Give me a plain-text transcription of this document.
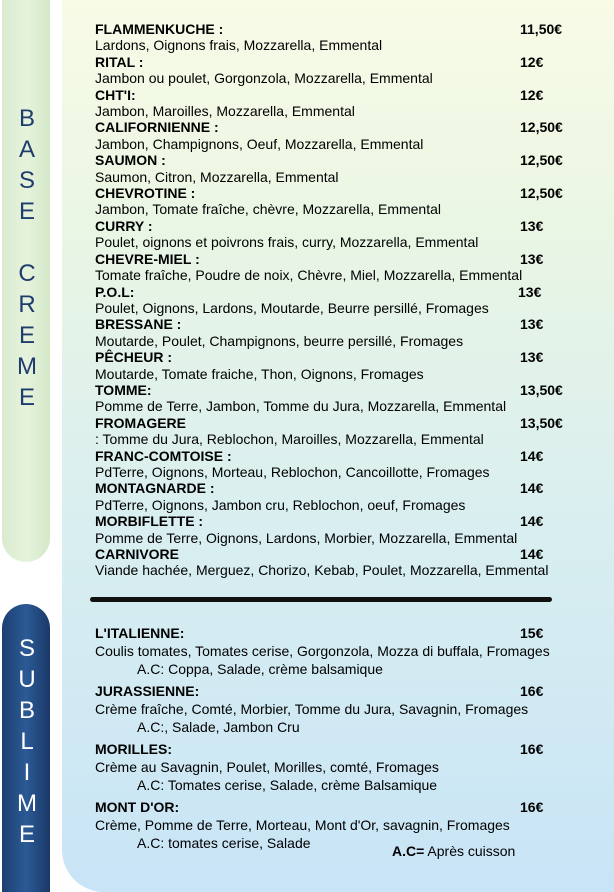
B
A
S
E
C
R
E
M
E
S
U
B
L
I
M
E
FLAMMENKUCHE :	11,50€
Lardons, Oignons frais, Mozzarella, Emmental
RITAL :	12€
Jambon ou poulet, Gorgonzola, Mozzarella, Emmental
CHT'I:	12€
Jambon, Maroilles, Mozzarella, Emmental
CALIFORNIENNE :	12,50€
Jambon, Champignons, Oeuf, Mozzarella, Emmental
SAUMON :	12,50€
Saumon, Citron, Mozzarella, Emmental
CHEVROTINE :	12,50€
Jambon, Tomate fraîche, chèvre, Mozzarella, Emmental
CURRY :	13€
Poulet, oignons et poivrons frais, curry, Mozzarella, Emmental
CHEVRE-MIEL :	13€
Tomate fraîche, Poudre de noix, Chèvre, Miel, Mozzarella, Emmental
P.O.L:	13€
Poulet, Oignons, Lardons, Moutarde, Beurre persillé, Fromages
BRESSANE :	13€
Moutarde, Poulet, Champignons, beurre persillé, Fromages
PÊCHEUR :	13€
Moutarde, Tomate fraiche, Thon, Oignons, Fromages
TOMME:	13,50€
Pomme de Terre, Jambon, Tomme du Jura, Mozzarella, Emmental
FROMAGERE	13,50€
: Tomme du Jura, Reblochon, Maroilles, Mozzarella, Emmental
FRANC-COMTOISE :	14€
PdTerre, Oignons, Morteau, Reblochon, Cancoillotte, Fromages
MONTAGNARDE :	14€
PdTerre, Oignons, Jambon cru, Reblochon, oeuf, Fromages
MORBIFLETTE :	14€
Pomme de Terre, Oignons, Lardons, Morbier, Mozzarella, Emmental
CARNIVORE	14€
Viande hachée, Merguez, Chorizo, Kebab, Poulet, Mozzarella, Emmental
L'ITALIENNE:	15€
Coulis tomates, Tomates cerise, Gorgonzola, Mozza di buffala, Fromages
A.C: Coppa, Salade, crème balsamique
JURASSIENNE:	16€
Crème fraîche, Comté, Morbier, Tomme du Jura, Savagnin, Fromages
A.C:, Salade, Jambon Cru
MORILLES:	16€
Crème au Savagnin, Poulet, Morilles, comté, Fromages
A.C: Tomates cerise, Salade, crème Balsamique
MONT D'OR:	16€
Crème, Pomme de Terre, Morteau, Mont d'Or, savagnin, Fromages
A.C: tomates cerise, Salade	A.C= Après cuisson
